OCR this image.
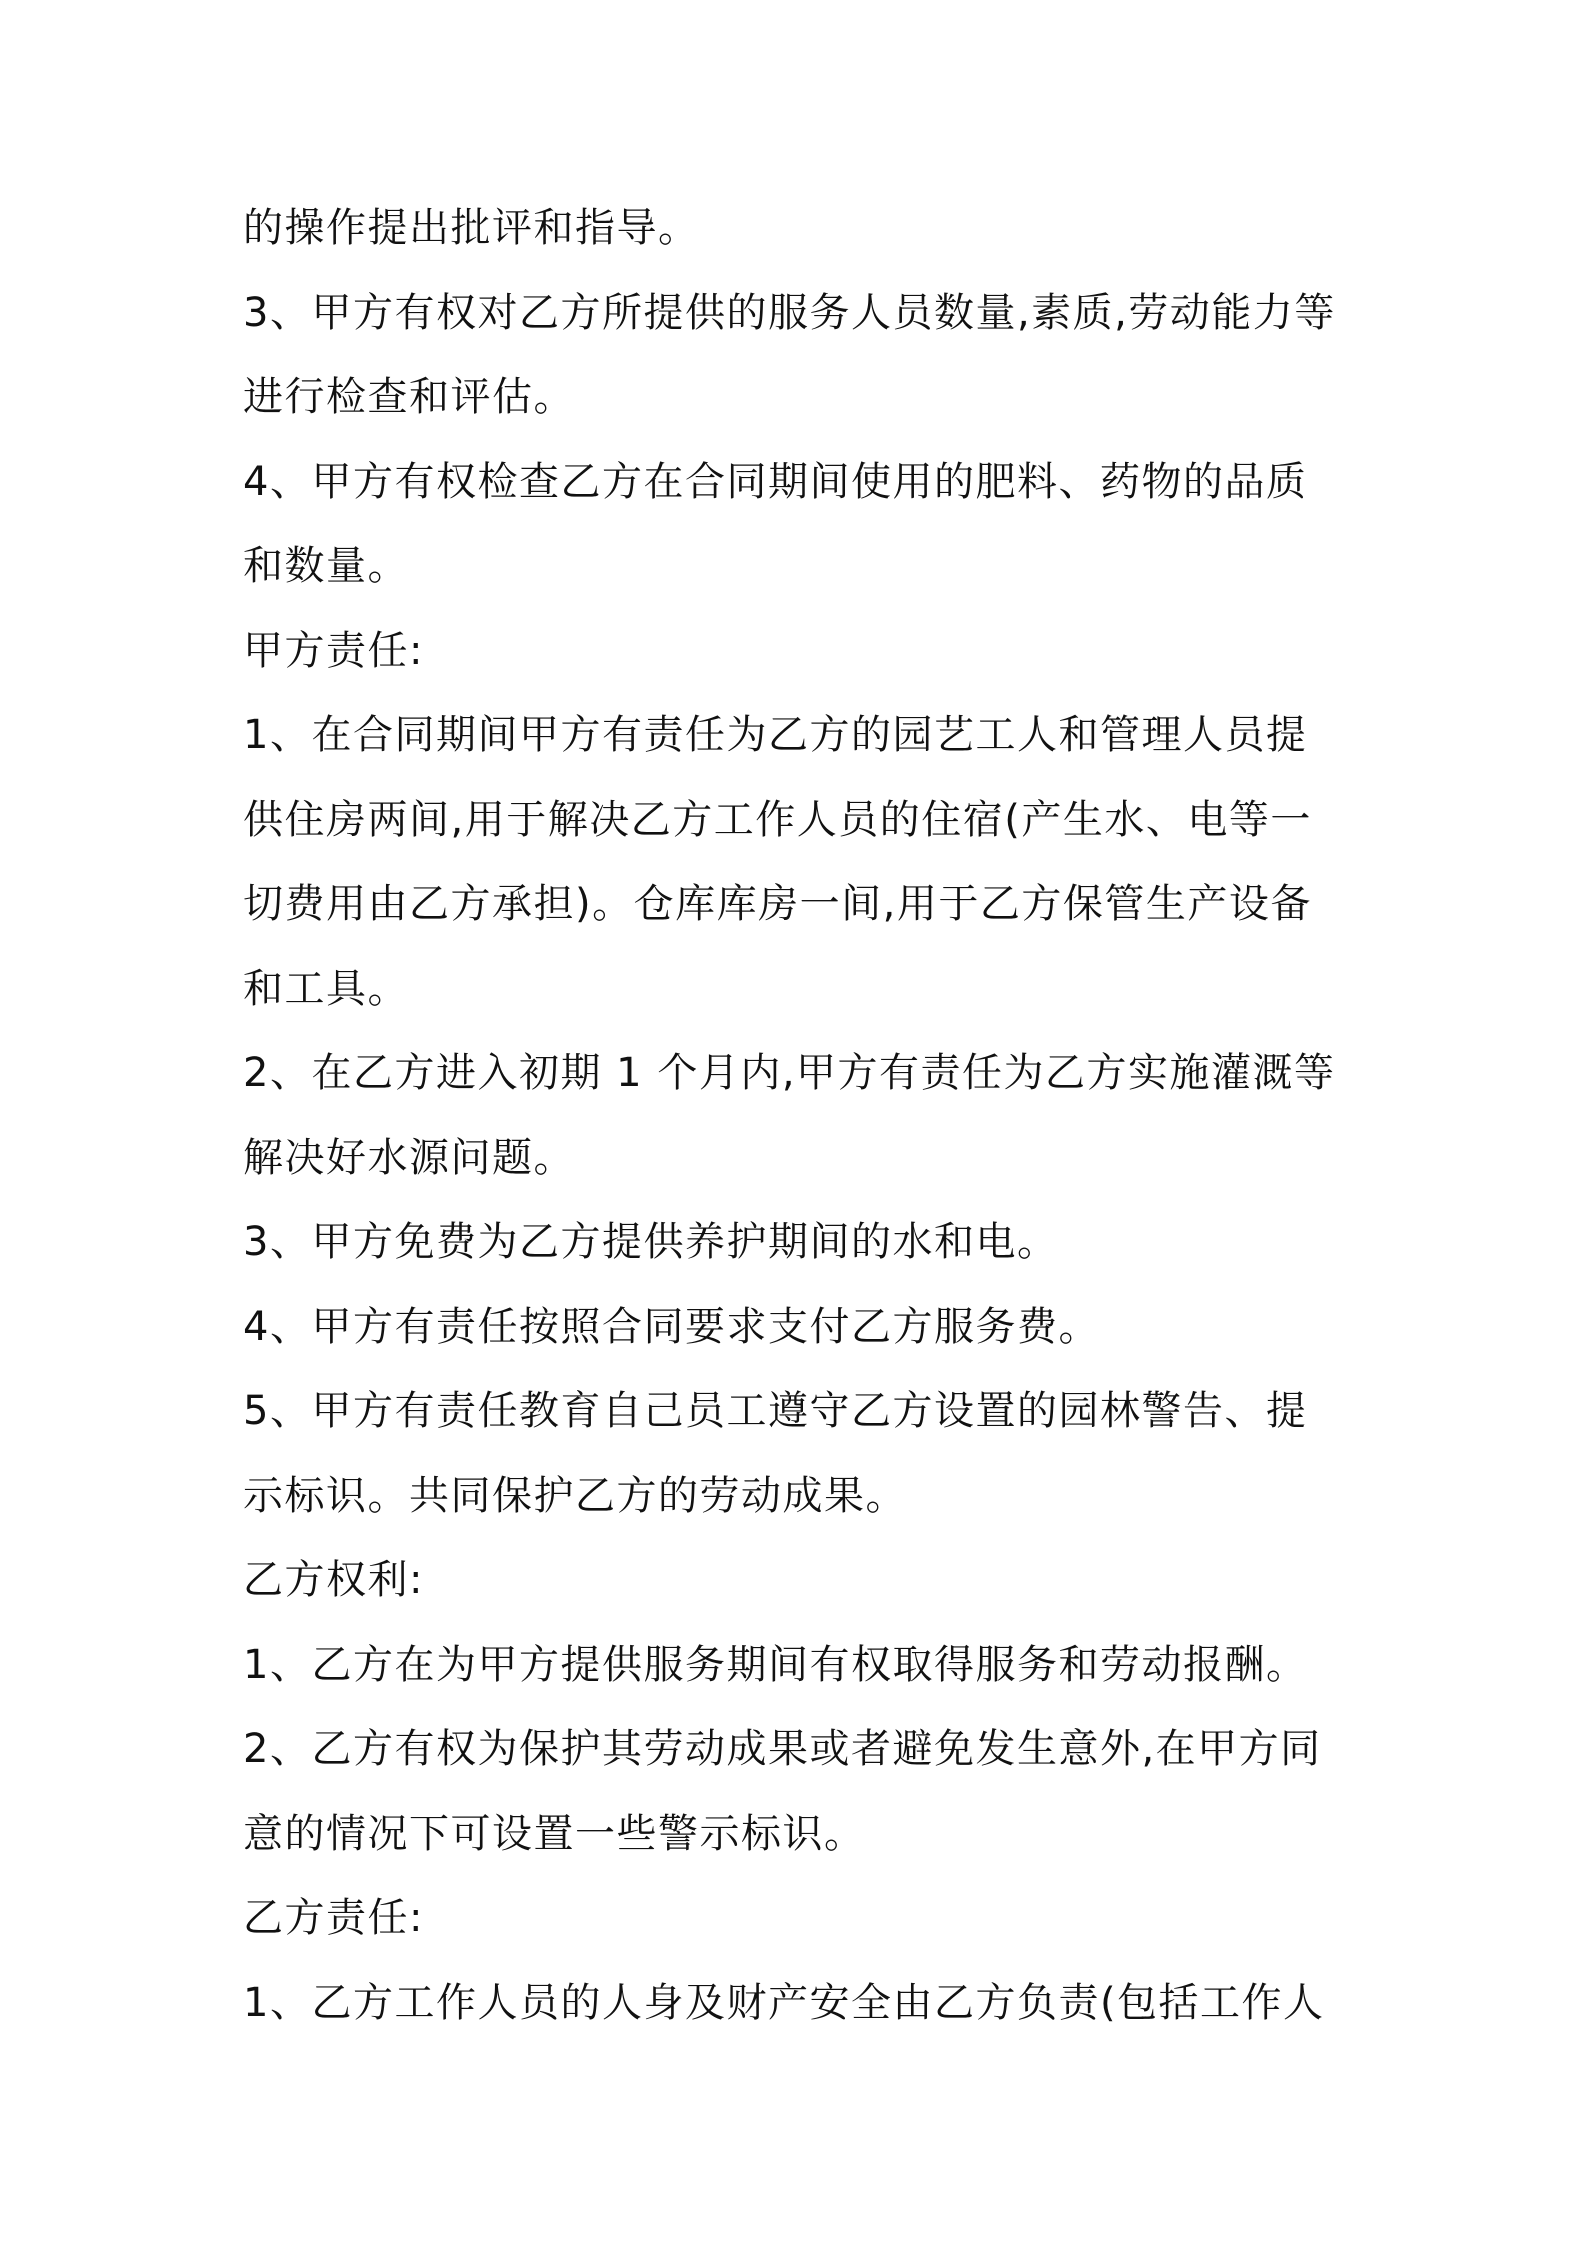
的操作提出批评和指导。
3、甲方有权对乙方所提供的服务人员数量,素质,劳动能力等
进行检查和评估。
4、甲方有权检查乙方在合同期间使用的肥料、药物的品质
和数量。
甲方责任:
1、在合同期间甲方有责任为乙方的园艺工人和管理人员提
供住房两间,用于解决乙方工作人员的住宿(产生水、电等一
切费用由乙方承担)。仓库库房一间,用于乙方保管生产设备
和工具。
2、在乙方进入初期 1 个月内,甲方有责任为乙方实施灌溉等
解决好水源问题。
3、甲方免费为乙方提供养护期间的水和电。
4、甲方有责任按照合同要求支付乙方服务费。
5、甲方有责任教育自己员工遵守乙方设置的园林警告、提
示标识。共同保护乙方的劳动成果。
乙方权利:
1、乙方在为甲方提供服务期间有权取得服务和劳动报酬。
2、乙方有权为保护其劳动成果或者避免发生意外,在甲方同
意的情况下可设置一些警示标识。
乙方责任:
1、乙方工作人员的人身及财产安全由乙方负责(包括工作人
